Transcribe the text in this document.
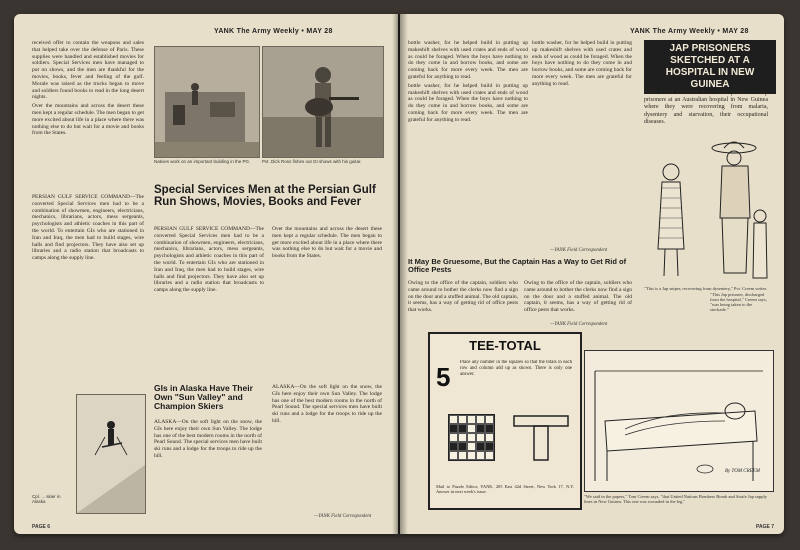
YANK The Army Weekly • MAY 28

received offer to contain the weapons and sales that helped take over the defense of Paris. These supplies were handled and established movies for soldiers. Special Services men have managed to put on shows, and the men are thankful for the movies, books, fever and feeling of the gulf. Morale was raised as the trucks began to move and soldiers found books to read in the long desert nights.

Over the mountains and across the desert these men kept a regular schedule. The men began to get more excited about life in a place where there was nothing else to do but wait for a movie and books from the States.

Natives work on an important building in the PG.	Pvt. Dick Ross fishes out GI shows with his guitar.
Special Services Men at the Persian Gulf Run Shows, Movies, Books and Fever

PERSIAN GULF SERVICE COMMAND—The converted Special Services men had to be a combination of showmen, engineers, electricians, mechanics, librarians, actors, mess sergeants, psychologists and athletic coaches in this part of the world. To entertain GIs who are stationed in Iran and Iraq, the men had to build stages, wire halls and find projectors. They have also set up libraries and a radio station that broadcasts to camps along the supply line.

PERSIAN GULF SERVICE COMMAND—The converted Special Services men had to be a combination of showmen, engineers, electricians, mechanics, librarians, actors, mess sergeants, psychologists and athletic coaches in this part of the world. To entertain GIs who are stationed in Iran and Iraq, the men had to build stages, wire halls and find projectors. They have also set up libraries and a radio station that broadcasts to camps along the supply line.

Over the mountains and across the desert these men kept a regular schedule. The men began to get more excited about life in a place where there was nothing else to do but wait for a movie and books from the States.

GIs in Alaska Have Their Own "Sun Valley" and Champion Skiers

ALASKA—On the soft light on the snow, the GIs here enjoy their own Sun Valley. The lodge has one of the best modern rooms in the north of Pearl Sound. The special services men have built ski runs and a lodge for the troops to ride up the hill.

ALASKA—On the soft light on the snow, the GIs here enjoy their own Sun Valley. The lodge has one of the best modern rooms in the north of Pearl Sound. The special services men have built ski runs and a lodge for the troops to ride up the hill.

—YANK Field Correspondent
Cpl. ... skier in Alaska
PAGE 6
YANK The Army Weekly • MAY 28

bottle washer, for he helped build in putting up makeshift shelves with used crates and ends of wood as could be foraged. When the boys have nothing to do they come in and borrow books, and some are coming back for more every week. The men are grateful for anything to read.

bottle washer, for he helped build in putting up makeshift shelves with used crates and ends of wood as could be foraged. When the boys have nothing to do they come in and borrow books, and some are coming back for more every week. The men are grateful for anything to read.

bottle washer, for he helped build in putting up makeshift shelves with used crates and ends of wood as could be foraged. When the boys have nothing to do they come in and borrow books, and some are coming back for more every week. The men are grateful for anything to read.

—YANK Field Correspondent
It May Be Gruesome, But the Captain Has a Way to Get Rid of Office Pests

Owing to the office of the captain, soldiers who came around to bother the clerks now find a sign on the door and a stuffed animal. The old captain, it seems, has a way of getting rid of office pests that works.

Owing to the office of the captain, soldiers who came around to bother the clerks now find a sign on the door and a stuffed animal. The old captain, it seems, has a way of getting rid of office pests that works.

—YANK Field Correspondent
TEE-TOTAL
5 Place any number in the squares so that the totals in each row and column add up as shown. There is only one answer.
Mail to Puzzle Editor, YANK, 205 East 42d Street, New York 17, N.Y. Answer in next week's issue.
JAP PRISONERS SKETCHED AT A HOSPITAL IN NEW GUINEA

PVT. TOM CREEM drew these pictures of Jap prisoners at an Australian hospital in New Guinea where they were recovering from malaria, dysentery and starvation, their occupational diseases.

"This is a Jap sniper, recovering from dysentery," Pvt. Creem writes.
"This Jap prisoner, discharged from the hospital," Creem says, "was being taken to the stockade."
By TOM CREEM
"We said in the papers," Tom Creem says, "that United Nations Bombers Bomb and Strafe Jap supply lines in New Guinea. This one was wounded in the leg."
PAGE 7
